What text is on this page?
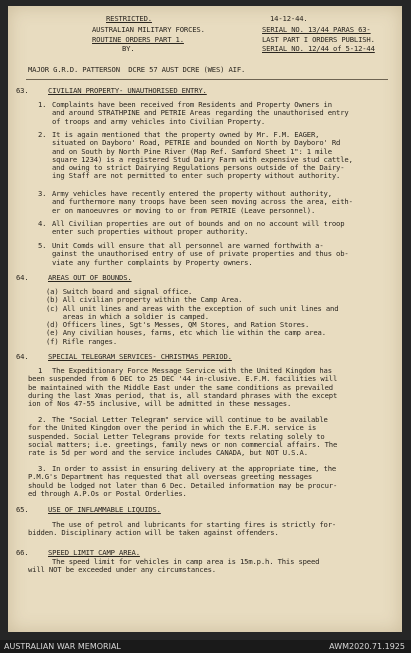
RESTRICTED.
AUSTRALIAN MILITARY FORCES.
ROUTINE ORDERS PART 1.
BY.
14-12-44.
SERIAL NO. 13/44 PARAS 63-
LAST PART I ORDERS PUBLISH.
SERIAL NO. 12/44 of 5-12-44
MAJOR G.R.D. PATTERSON  DCRE 57 AUST DCRE (WES) AIF.
63.	CIVILIAN PROPERTY- UNAUTHORISED ENTRY.
1. Complaints have been received from Residents and Property Owners in
and around STRATHPINE and PETRIE Areas regarding the unauthorised entry
of troops and army vehicles into Civilian Property.
2. It is again mentioned that the property owned by Mr. F.M. EAGER,
situated on Dayboro' Road, PETRIE and bounded on North by Dayboro' Rd
and on South by North Pine River (Map Ref. Samford Sheet 1": 1 mile
square 1234) is a registered Stud Dairy Farm with expensive stud cattle,
and owing to strict Dairying Regulations persons outside of the Dairy-
ing Staff are not permitted to enter such property without authority.
3. Army vehicles have recently entered the property without authority,
and furthermore many troops have been seen moving across the area, eith-
er on manoeuvres or moving to or from PETRIE (Leave personnel).
4. All Civilian properties are out of bounds and on no account will troop
enter such properties without proper authority.
5. Unit Comds will ensure that all personnel are warned forthwith a-
gainst the unauthorised entry of use of private properties and thus ob-
viate any further complaints by Property owners.
64.	AREAS OUT OF BOUNDS.
(a) Switch board and signal office.
(b) All civilian property within the Camp Area.
(c) All unit lines and areas with the exception of such unit lines and
areas in which a soldier is camped.
(d) Officers lines, Sgt's Messes, QM Stores, and Ration Stores.
(e) Any civilian houses, farms, etc which lie within the camp area.
(f) Rifle ranges.
64.	SPECIAL TELEGRAM SERVICES- CHRISTMAS PERIOD.
1	The Expeditionary Force Message Service with the United Kingdom has
been suspended from 6 DEC to 25 DEC '44 in-clusive. E.F.M. facilities will
be maintained with the Middle East under the same conditions as prevailed
during the last Xmas period, that is, all standard phrases with the except
ion of Nos 47-55 inclusive, will be admitted in these messages.
2. The "Social Letter Telegram" service will continue to be available
for the United Kingdom over the period in which the E.F.M. service is
suspended. Social Letter Telegrams provide for texts relating solely to
social matters; i.e. greetings, family news or non commercial affairs. The
rate is 5d per word and the service includes CANADA, but NOT U.S.A.
3. In order to assist in ensuring delivery at the appropriate time, the
P.M.G's Department has requested that all overseas greeting messages
should be lodged not later than 6 Dec. Detailed information may be procur-
ed through A.P.Os or Postal Orderlies.
65.	USE OF INFLAMMABLE LIQUIDS.
The use of petrol and lubricants for starting fires is strictly for-
bidden. Disciplinary action will be taken against offenders.
66.	SPEED LIMIT CAMP AREA.
The speed limit for vehicles in camp area is 15m.p.h. This speed
will NOT be exceeded under any circumstances.
AUSTRALIAN WAR MEMORIAL	AWM2020.71.1925
